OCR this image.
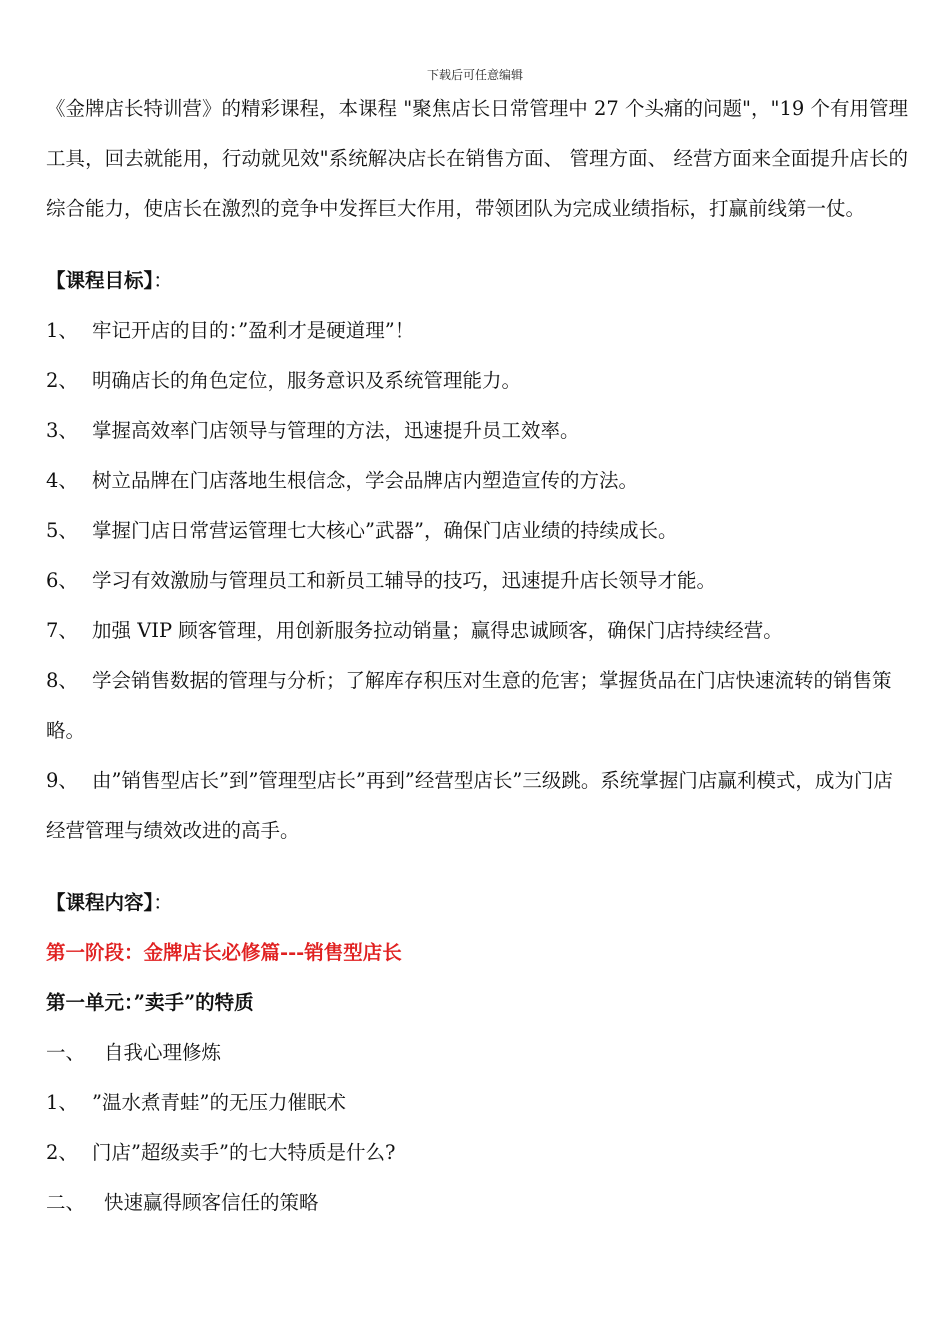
下载后可任意编辑

《金牌店长特训营》的精彩课程，本课程 "聚焦店长日常管理中 27 个头痛的问题"，"19 个有用管理工具，回去就能用，行动就见效"系统解决店长在销售方面、 管理方面、 经营方面来全面提升店长的综合能力，使店长在激烈的竞争中发挥巨大作用，带领团队为完成业绩指标，打赢前线第一仗。

【课程目标】：

1、 牢记开店的目的：”盈利才是硬道理”！

2、 明确店长的角色定位，服务意识及系统管理能力。

3、 掌握高效率门店领导与管理的方法，迅速提升员工效率。

4、 树立品牌在门店落地生根信念，学会品牌店内塑造宣传的方法。

5、 掌握门店日常营运管理七大核心”武器”，确保门店业绩的持续成长。

6、 学习有效激励与管理员工和新员工辅导的技巧，迅速提升店长领导才能。

7、 加强 VIP 顾客管理，用创新服务拉动销量；赢得忠诚顾客，确保门店持续经营。

8、 学会销售数据的管理与分析；了解库存积压对生意的危害；掌握货品在门店快速流转的销售策略。

9、 由”销售型店长”到”管理型店长”再到”经营型店长”三级跳。系统掌握门店赢利模式，成为门店经营管理与绩效改进的高手。

【课程内容】：

第一阶段：金牌店长必修篇---销售型店长

第一单元：”卖手”的特质

一、 自我心理修炼

1、 ”温水煮青蛙”的无压力催眠术

2、 门店”超级卖手”的七大特质是什么?

二、 快速赢得顾客信任的策略
